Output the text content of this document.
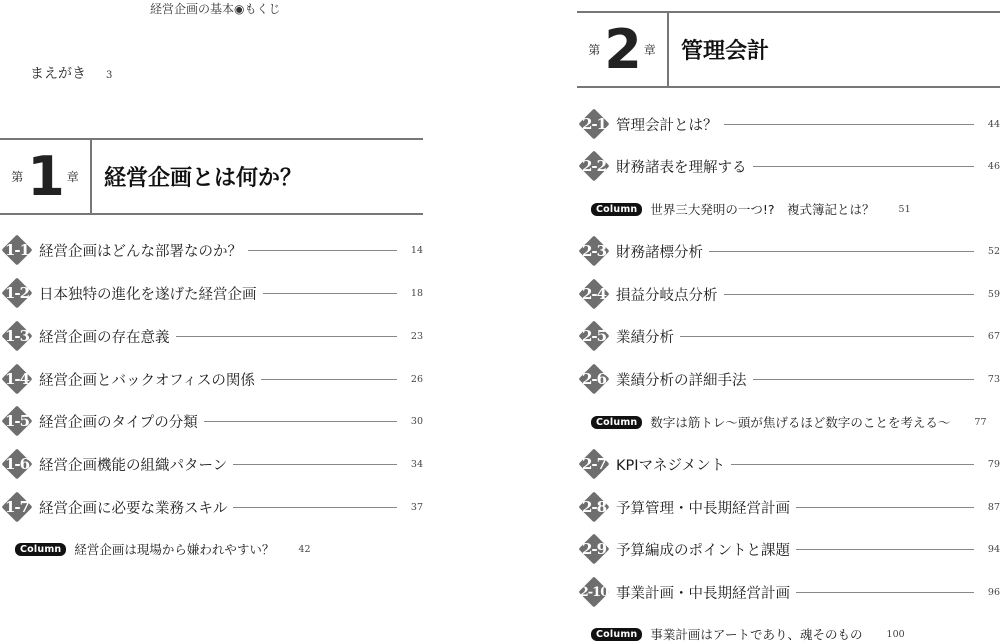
経営企画の基本◉もくじ
まえがき 3
第 1 章	経営企画とは何か？
1-1 経営企画はどんな部署なのか？	14
1-2 日本独特の進化を遂げた経営企画	18
1-3 経営企画の存在意義	23
1-4 経営企画とバックオフィスの関係	26
1-5 経営企画のタイプの分類	30
1-6 経営企画機能の組織パターン	34
1-7 経営企画に必要な業務スキル	37
Column	経営企画は現場から嫌われやすい？	42
第 2 章	管理会計
2-1 管理会計とは？	44
2-2 財務諸表を理解する	46
Column	世界三大発明の一つ!?　複式簿記とは？	51
2-3 財務諸標分析	52
2-4 損益分岐点分析	59
2-5 業績分析	67
2-6 業績分析の詳細手法	73
Column	数字は筋トレ〜頭が焦げるほど数字のことを考える〜	77
2-7 KPIマネジメント	79
2-8 予算管理・中長期経営計画	87
2-9 予算編成のポイントと課題	94
2-10 事業計画・中長期経営計画	96
Column	事業計画はアートであり、魂そのもの	100
